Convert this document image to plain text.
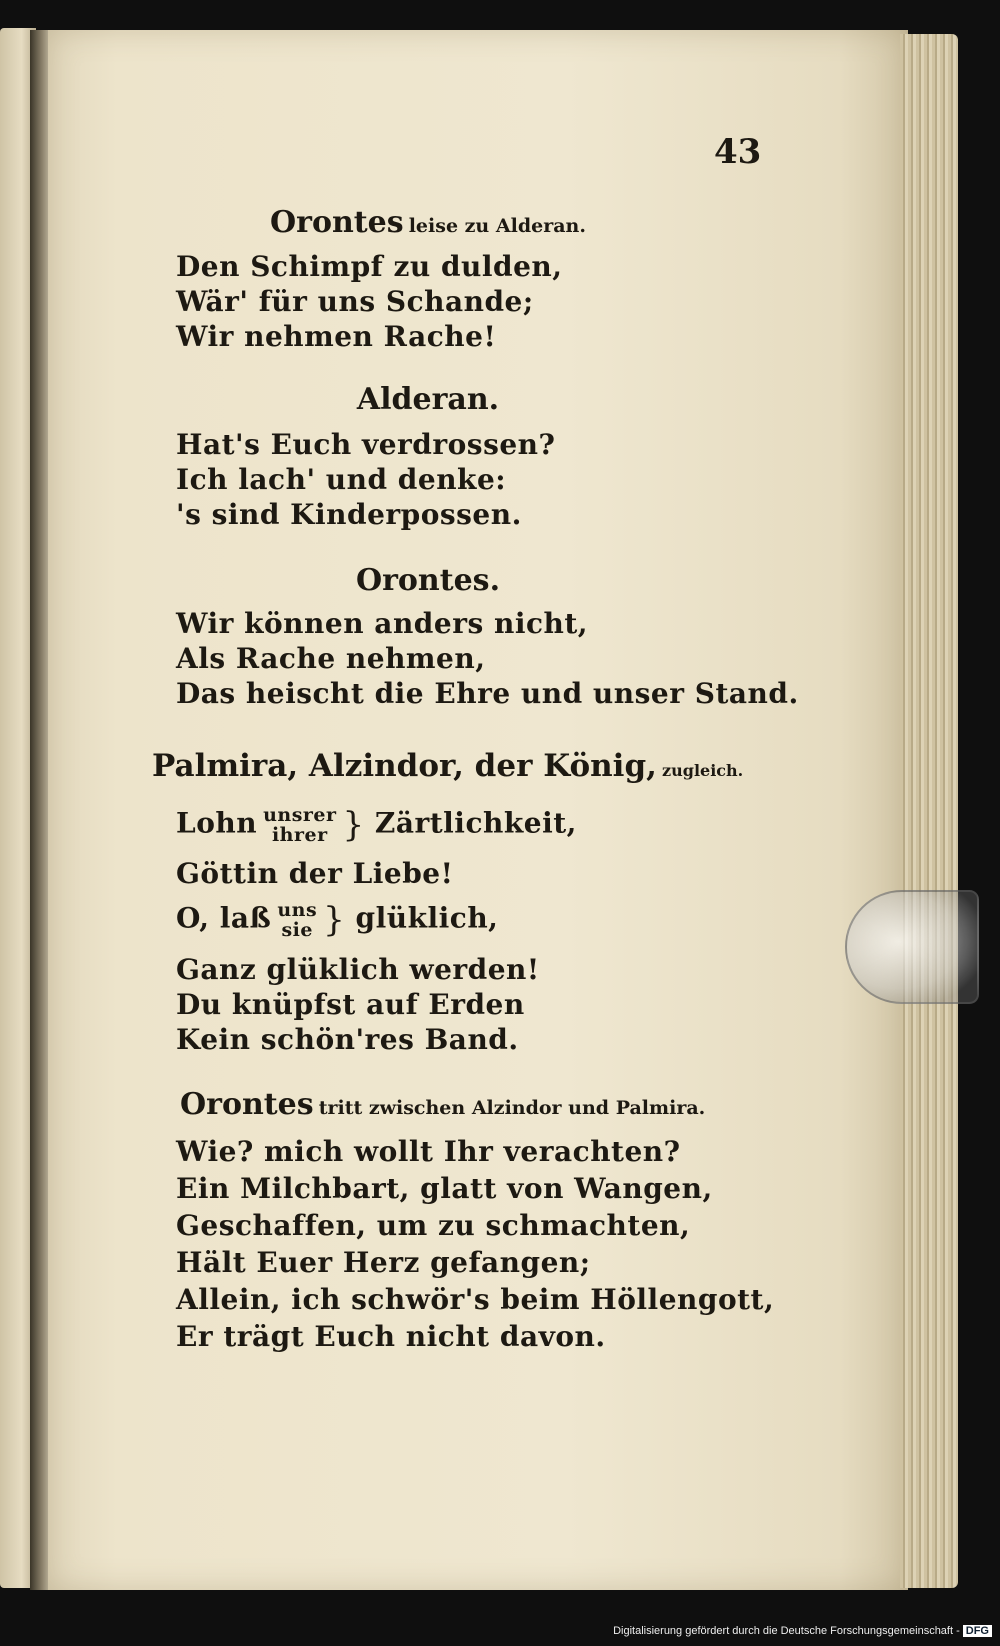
43
Orontes leise zu Alderan.
Den Schimpf zu dulden,
Wär' für uns Schande;
Wir nehmen Rache!
Alderan.
Hat's Euch verdrossen?
Ich lach' und denke:
's sind Kinderpossen.
Orontes.
Wir können anders nicht,
Als Rache nehmen,
Das heischt die Ehre und unser Stand.
Palmira, Alzindor, der König, zugleich.
Lohn unsrer
ihrer } Zärtlichkeit,
Göttin der Liebe!
O, laß uns
sie } glüklich,
Ganz glüklich werden!
Du knüpfst auf Erden
Kein schön'res Band.
Orontes tritt zwischen Alzindor und Palmira.
Wie? mich wollt Ihr verachten?
Ein Milchbart, glatt von Wangen,
Geschaffen, um zu schmachten,
Hält Euer Herz gefangen;
Allein, ich schwör's beim Höllengott,
Er trägt Euch nicht davon.
Digitalisierung gefördert durch die Deutsche Forschungsgemeinschaft - DFG
